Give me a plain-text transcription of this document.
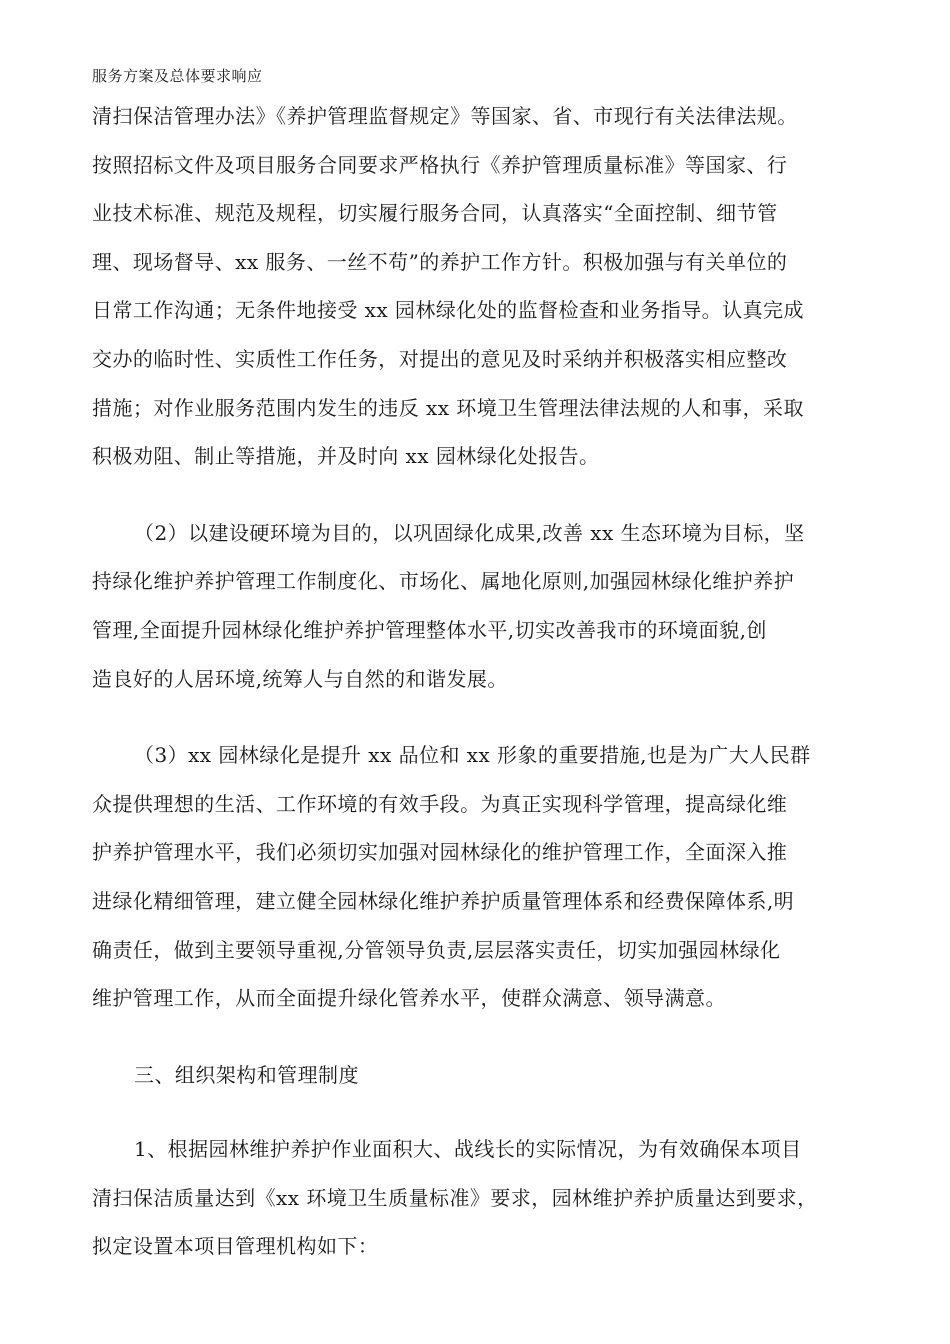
服务方案及总体要求响应
清扫保洁管理办法》《养护管理监督规定》等国家、省、市现行有关法律法规。
按照招标文件及项目服务合同要求严格执行《养护管理质量标准》等国家、行
业技术标准、规范及规程，切实履行服务合同，认真落实“全面控制、细节管
理、现场督导、xx 服务、一丝不苟”的养护工作方针。积极加强与有关单位的
日常工作沟通；无条件地接受 xx 园林绿化处的监督检查和业务指导。认真完成
交办的临时性、实质性工作任务，对提出的意见及时采纳并积极落实相应整改
措施；对作业服务范围内发生的违反 xx 环境卫生管理法律法规的人和事，采取
积极劝阻、制止等措施，并及时向 xx 园林绿化处报告。
（2）以建设硬环境为目的，以巩固绿化成果,改善 xx 生态环境为目标，坚
持绿化维护养护管理工作制度化、市场化、属地化原则,加强园林绿化维护养护
管理,全面提升园林绿化维护养护管理整体水平,切实改善我市的环境面貌,创
造良好的人居环境,统筹人与自然的和谐发展。
（3）xx 园林绿化是提升 xx 品位和 xx 形象的重要措施,也是为广大人民群
众提供理想的生活、工作环境的有效手段。为真正实现科学管理，提高绿化维
护养护管理水平，我们必须切实加强对园林绿化的维护管理工作，全面深入推
进绿化精细管理，建立健全园林绿化维护养护质量管理体系和经费保障体系,明
确责任，做到主要领导重视,分管领导负责,层层落实责任，切实加强园林绿化
维护管理工作，从而全面提升绿化管养水平，使群众满意、领导满意。
三、组织架构和管理制度
1、根据园林维护养护作业面积大、战线长的实际情况，为有效确保本项目
清扫保洁质量达到《xx 环境卫生质量标准》要求，园林维护养护质量达到要求，
拟定设置本项目管理机构如下：
